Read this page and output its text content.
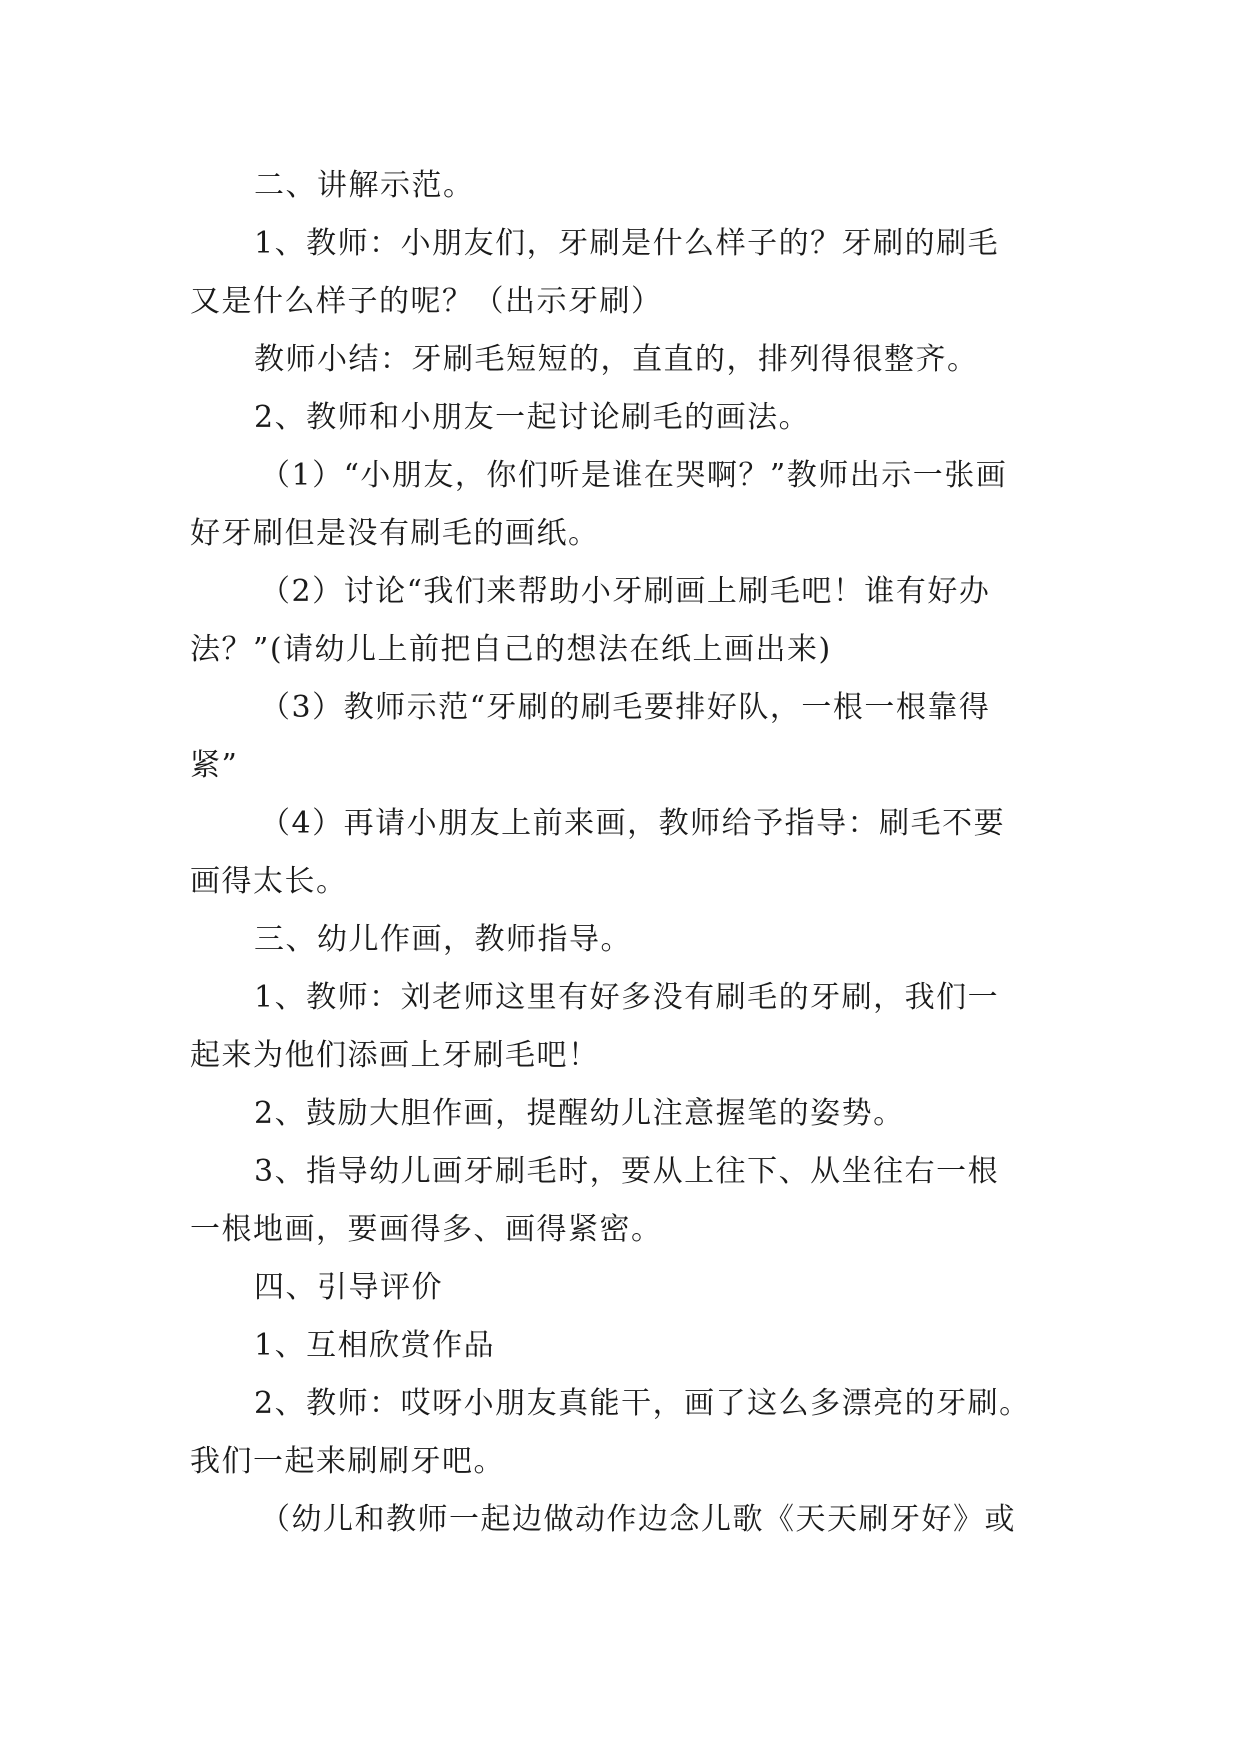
二、讲解示范。
1、教师：小朋友们，牙刷是什么样子的？牙刷的刷毛
又是什么样子的呢？（出示牙刷）
教师小结：牙刷毛短短的，直直的，排列得很整齐。
2、教师和小朋友一起讨论刷毛的画法。
（1）“小朋友，你们听是谁在哭啊？”教师出示一张画
好牙刷但是没有刷毛的画纸。
（2）讨论“我们来帮助小牙刷画上刷毛吧！谁有好办
法？”(请幼儿上前把自己的想法在纸上画出来)
（3）教师示范“牙刷的刷毛要排好队，一根一根靠得
紧”
（4）再请小朋友上前来画，教师给予指导：刷毛不要
画得太长。
三、幼儿作画，教师指导。
1、教师：刘老师这里有好多没有刷毛的牙刷，我们一
起来为他们添画上牙刷毛吧！
2、鼓励大胆作画，提醒幼儿注意握笔的姿势。
3、指导幼儿画牙刷毛时，要从上往下、从坐往右一根
一根地画，要画得多、画得紧密。
四、引导评价
1、互相欣赏作品
2、教师：哎呀小朋友真能干，画了这么多漂亮的牙刷。
我们一起来刷刷牙吧。
（幼儿和教师一起边做动作边念儿歌《天天刷牙好》或
